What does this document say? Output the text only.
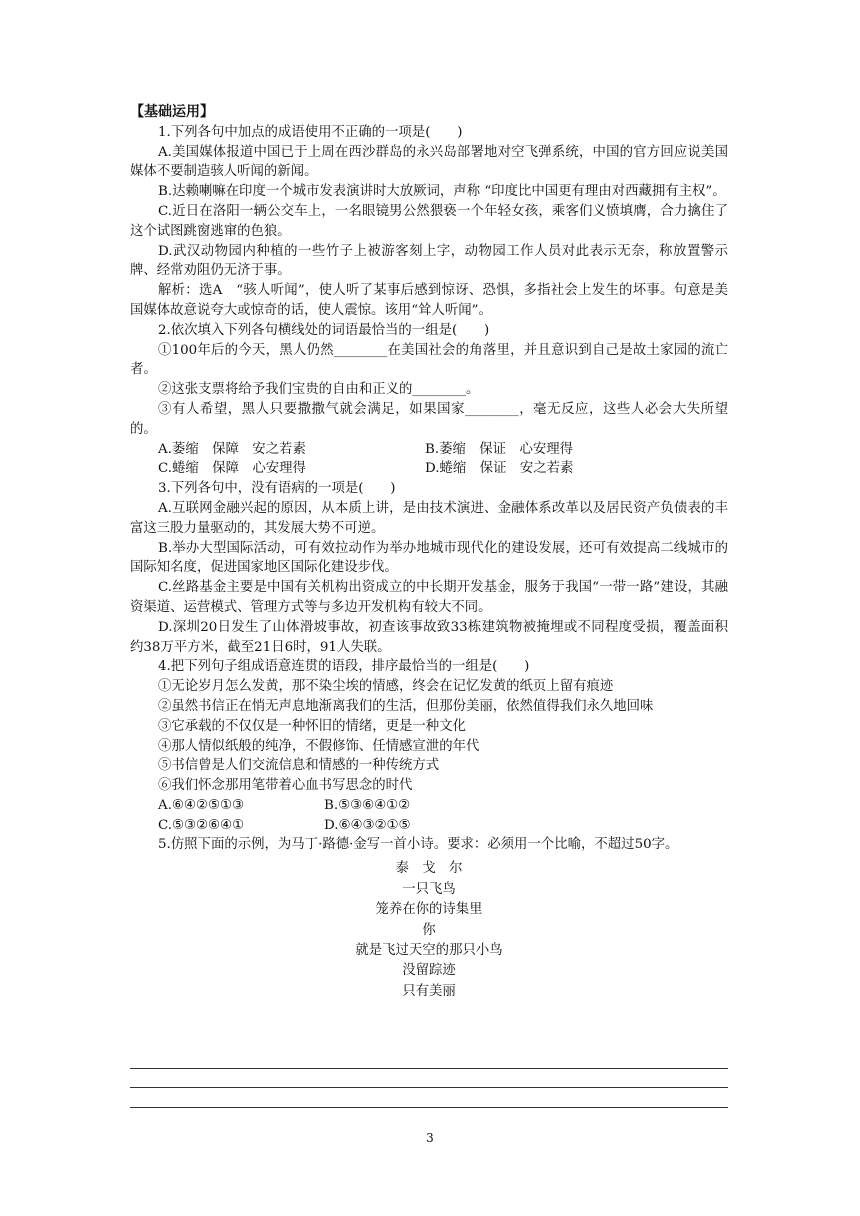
【基础运用】

1.下列各句中加点的成语使用不正确的一项是(　　)

A.美国媒体报道中国已于上周在西沙群岛的永兴岛部署地对空飞弹系统，中国的官方回应说美国媒体不要制造骇人听闻的新闻。

B.达赖喇嘛在印度一个城市发表演讲时大放厥词，声称 “印度比中国更有理由对西藏拥有主权”。

C.近日在洛阳一辆公交车上，一名眼镜男公然猥亵一个年轻女孩，乘客们义愤填膺，合力擒住了这个试图跳窗逃窜的色狼。

D.武汉动物园内种植的一些竹子上被游客刻上字，动物园工作人员对此表示无奈，称放置警示牌、经常劝阻仍无济于事。

解析：选A　“骇人听闻”，使人听了某事后感到惊讶、恐惧，多指社会上发生的坏事。句意是美国媒体故意说夸大或惊奇的话，使人震惊。该用“耸人听闻”。

2.依次填入下列各句横线处的词语最恰当的一组是(　　)

①100年后的今天，黑人仍然________在美国社会的角落里，并且意识到自己是故土家园的流亡者。

②这张支票将给予我们宝贵的自由和正义的________。

③有人希望，黑人只要撒撒气就会满足，如果国家________，毫无反应，这些人必会大失所望的。

A.萎缩　保障　安之若素	B.萎缩　保证　心安理得
C.蜷缩　保障　心安理得	D.蜷缩　保证　安之若素

3.下列各句中，没有语病的一项是(　　)

A.互联网金融兴起的原因，从本质上讲，是由技术演进、金融体系改革以及居民资产负债表的丰富这三股力量驱动的，其发展大势不可逆。

B.举办大型国际活动，可有效拉动作为举办地城市现代化的建设发展，还可有效提高二线城市的国际知名度，促进国家地区国际化建设步伐。

C.丝路基金主要是中国有关机构出资成立的中长期开发基金，服务于我国“一带一路”建设，其融资渠道、运营模式、管理方式等与多边开发机构有较大不同。

D.深圳20日发生了山体滑坡事故，初查该事故致33栋建筑物被掩埋或不同程度受损，覆盖面积约38万平方米，截至21日6时，91人失联。

4.把下列句子组成语意连贯的语段，排序最恰当的一组是(　　)

①无论岁月怎么发黄，那不染尘埃的情感，终会在记忆发黄的纸页上留有痕迹

②虽然书信正在悄无声息地渐离我们的生活，但那份美丽，依然值得我们永久地回味

③它承载的不仅仅是一种怀旧的情绪，更是一种文化

④那人情似纸般的纯净，不假修饰、任情感宣泄的年代

⑤书信曾是人们交流信息和情感的一种传统方式

⑥我们怀念那用笔带着心血书写思念的时代

A.⑥④②⑤①③	B.⑤③⑥④①②
C.⑤③②⑥④①	D.⑥④③②①⑤

5.仿照下面的示例，为马丁·路德·金写一首小诗。要求：必须用一个比喻，不超过50字。

泰　戈　尔
一只飞鸟
笼养在你的诗集里
你
就是飞过天空的那只小鸟
没留踪迹
只有美丽
3
